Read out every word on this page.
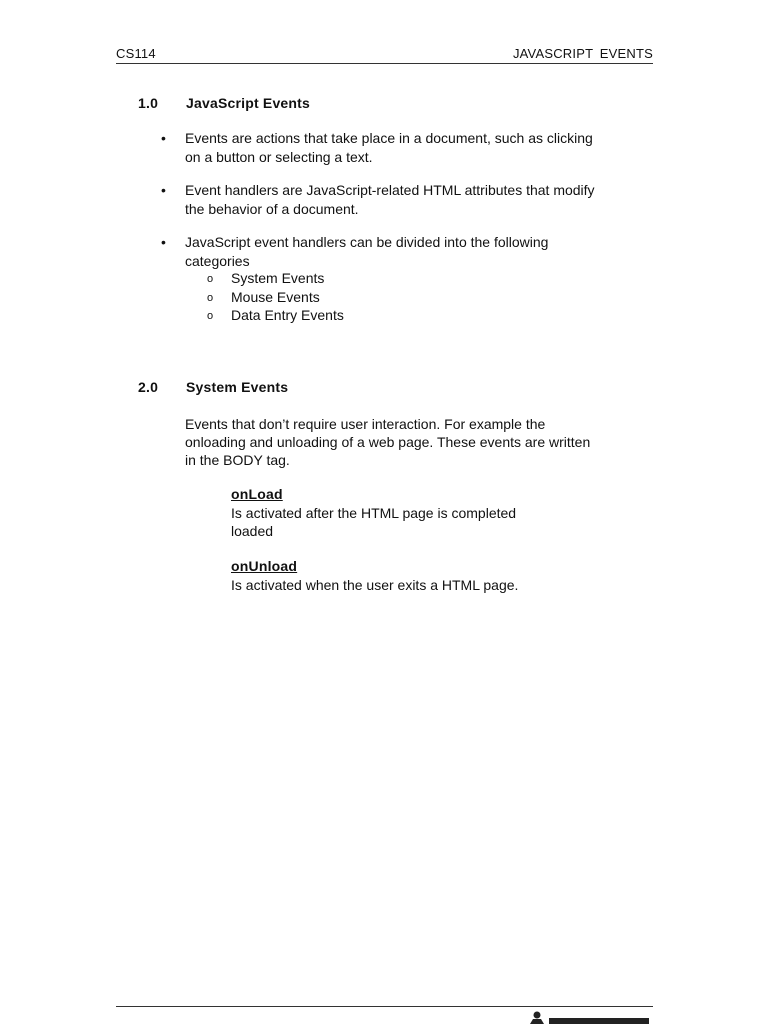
CS114	JAVASCRIPT EVENTS
1.0 JavaScript Events
• Events are actions that take place in a document, such as clicking on a button or selecting a text.
• Event handlers are JavaScript-related HTML attributes that modify the behavior of a document.
• JavaScript event handlers can be divided into the following categories
o System Events
o Mouse Events
o Data Entry Events
2.0 System Events
Events that don’t require user interaction. For example the onloading and unloading of a web page. These events are written in the BODY tag.
onLoad
Is activated after the HTML page is completed loaded
onUnload
Is activated when the user exits a HTML page.
